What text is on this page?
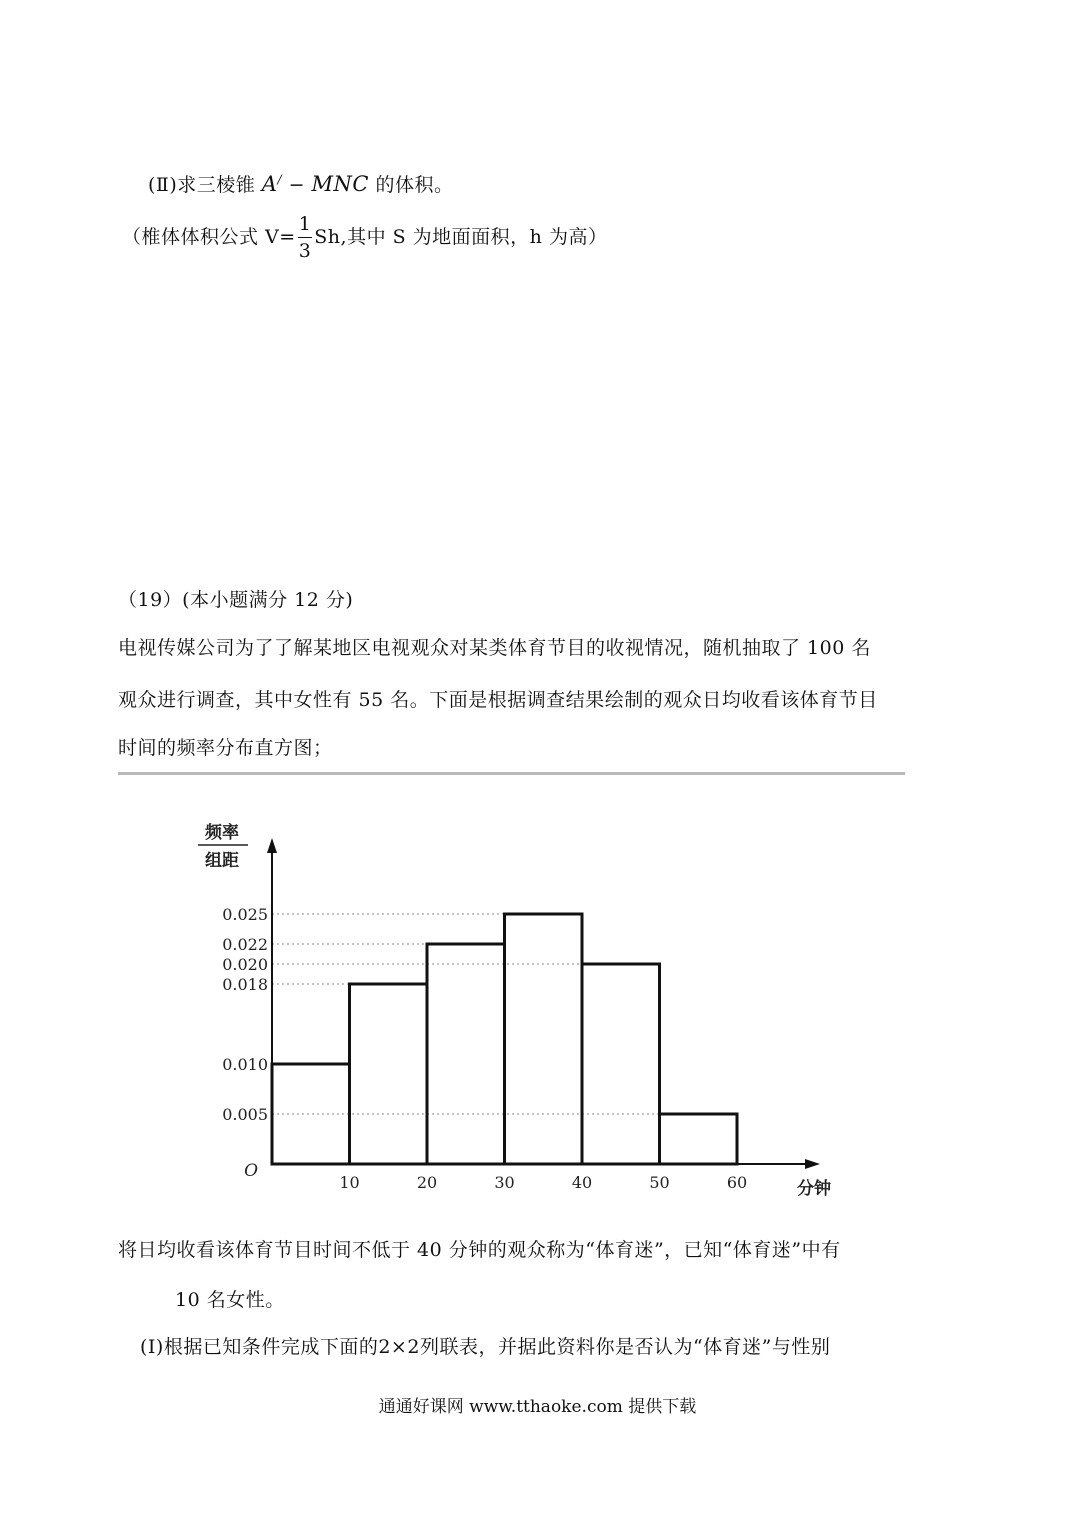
(Ⅱ)求三棱锥 A/ − MNC 的体积。
（椎体体积公式 $V= \frac{1}{3} Sh$,其中 S 为地面面积，h 为高）
（19）(本小题满分 12 分)
电视传媒公司为了了解某地区电视观众对某类体育节目的收视情况，随机抽取了 100 名
观众进行调查，其中女性有 55 名。下面是根据调查结果绘制的观众日均收看该体育节目
时间的频率分布直方图；
0.025
0.022
0.020
0.018
0.010
0.005
10	20	30	40	50	60
O
频率
组距
分钟
将日均收看该体育节目时间不低于 40 分钟的观众称为“体育迷”，已知“体育迷”中有
10 名女性。
(Ⅰ)根据已知条件完成下面的2×2列联表，并据此资料你是否认为“体育迷”与性别
通通好课网 www.tthaoke.com 提供下载
